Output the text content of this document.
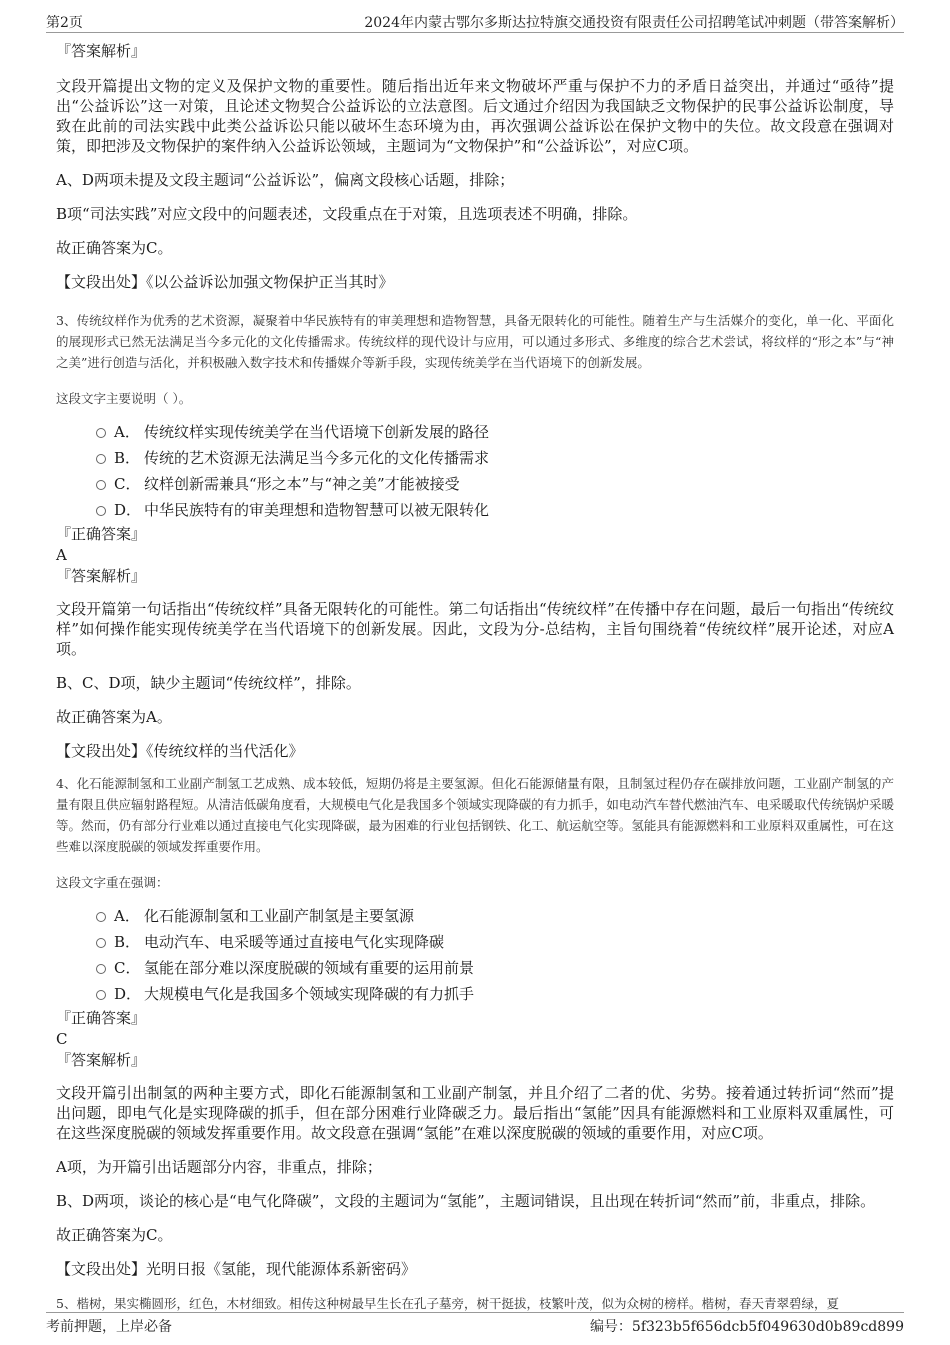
第2页	2024年内蒙古鄂尔多斯达拉特旗交通投资有限责任公司招聘笔试冲刺题（带答案解析）
『答案解析』

文段开篇提出文物的定义及保护文物的重要性。随后指出近年来文物破坏严重与保护不力的矛盾日益突出，并通过“亟待”提出“公益诉讼”这一对策，且论述文物契合公益诉讼的立法意图。后文通过介绍因为我国缺乏文物保护的民事公益诉讼制度，导致在此前的司法实践中此类公益诉讼只能以破坏生态环境为由，再次强调公益诉讼在保护文物中的失位。故文段意在强调对策，即把涉及文物保护的案件纳入公益诉讼领域，主题词为“文物保护”和“公益诉讼”，对应C项。

A、D两项未提及文段主题词“公益诉讼”，偏离文段核心话题，排除；

B项“司法实践”对应文段中的问题表述，文段重点在于对策，且选项表述不明确，排除。

故正确答案为C。

【文段出处】《以公益诉讼加强文物保护正当其时》

3、传统纹样作为优秀的艺术资源，凝聚着中华民族特有的审美理想和造物智慧，具备无限转化的可能性。随着生产与生活媒介的变化，单一化、平面化的展现形式已然无法满足当今多元化的文化传播需求。传统纹样的现代设计与应用，可以通过多形式、多维度的综合艺术尝试，将纹样的“形之本”与“神之美”进行创造与活化，并积极融入数字技术和传播媒介等新手段，实现传统美学在当代语境下的创新发展。

这段文字主要说明（ ）。
A． 传统纹样实现传统美学在当代语境下创新发展的路径
B． 传统的艺术资源无法满足当今多元化的文化传播需求
C． 纹样创新需兼具“形之本”与“神之美”才能被接受
D． 中华民族特有的审美理想和造物智慧可以被无限转化
『正确答案』
A
『答案解析』

文段开篇第一句话指出“传统纹样”具备无限转化的可能性。第二句话指出“传统纹样”在传播中存在问题，最后一句指出“传统纹样”如何操作能实现传统美学在当代语境下的创新发展。因此，文段为分-总结构，主旨句围绕着“传统纹样”展开论述，对应A项。

B、C、D项，缺少主题词“传统纹样”，排除。

故正确答案为A。

【文段出处】《传统纹样的当代活化》

4、化石能源制氢和工业副产制氢工艺成熟、成本较低，短期仍将是主要氢源。但化石能源储量有限，且制氢过程仍存在碳排放问题，工业副产制氢的产量有限且供应辐射路程短。从清洁低碳角度看，大规模电气化是我国多个领域实现降碳的有力抓手，如电动汽车替代燃油汽车、电采暖取代传统锅炉采暖等。然而，仍有部分行业难以通过直接电气化实现降碳，最为困难的行业包括钢铁、化工、航运航空等。氢能具有能源燃料和工业原料双重属性，可在这些难以深度脱碳的领域发挥重要作用。

这段文字重在强调：
A． 化石能源制氢和工业副产制氢是主要氢源
B． 电动汽车、电采暖等通过直接电气化实现降碳
C． 氢能在部分难以深度脱碳的领域有重要的运用前景
D． 大规模电气化是我国多个领域实现降碳的有力抓手
『正确答案』
C
『答案解析』

文段开篇引出制氢的两种主要方式，即化石能源制氢和工业副产制氢，并且介绍了二者的优、劣势。接着通过转折词“然而”提出问题，即电气化是实现降碳的抓手，但在部分困难行业降碳乏力。最后指出“氢能”因具有能源燃料和工业原料双重属性，可在这些深度脱碳的领域发挥重要作用。故文段意在强调“氢能”在难以深度脱碳的领域的重要作用，对应C项。

A项，为开篇引出话题部分内容，非重点，排除；

B、D两项，谈论的核心是“电气化降碳”，文段的主题词为“氢能”，主题词错误，且出现在转折词“然而”前，非重点，排除。

故正确答案为C。

【文段出处】光明日报《氢能，现代能源体系新密码》

5、楷树，果实椭圆形，红色，木材细致。相传这种树最早生长在孔子墓旁，树干挺拔，枝繁叶茂，似为众树的榜样。楷树，春天青翠碧绿，夏

考前押题，上岸必备	编号：5f323b5f656dcb5f049630d0b89cd899
